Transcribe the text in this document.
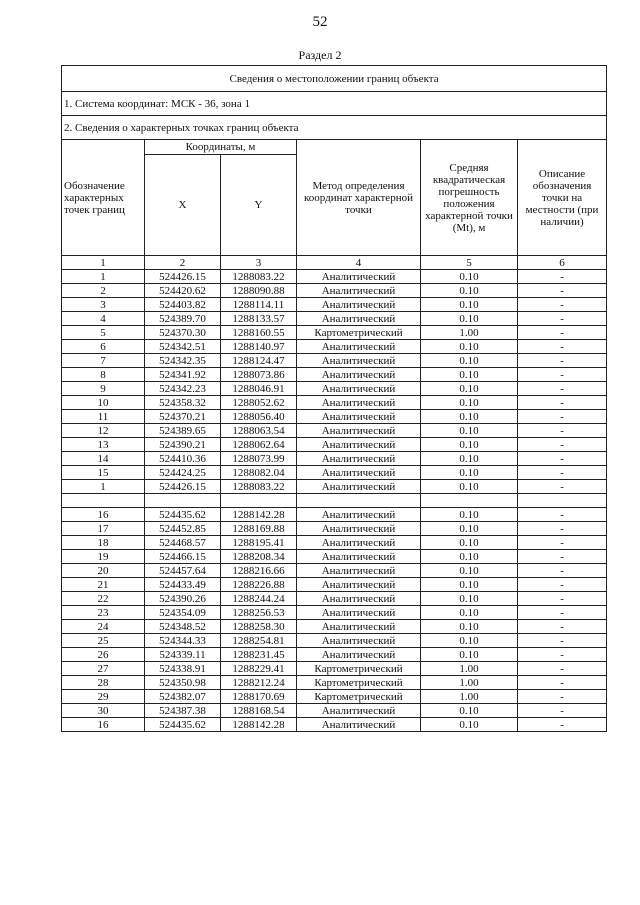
52
Раздел 2
Сведения о местоположении границ объекта					
1. Система координат: МСК - 36, зона 1					
2. Сведения о характерных точках границ объекта					
Обозначение характерных точек границ	Координаты, м		Метод определения координат характерной точки	Средняя квадратическая погрешность положения характерной точки (Mt), м	Описание обозначения точки на местности (при наличии)
	X	Y			
1	2	3	4	5	6
1	524426.15	1288083.22	Аналитический	0.10	-
2	524420.62	1288090.88	Аналитический	0.10	-
3	524403.82	1288114.11	Аналитический	0.10	-
4	524389.70	1288133.57	Аналитический	0.10	-
5	524370.30	1288160.55	Картометрический	1.00	-
6	524342.51	1288140.97	Аналитический	0.10	-
7	524342.35	1288124.47	Аналитический	0.10	-
8	524341.92	1288073.86	Аналитический	0.10	-
9	524342.23	1288046.91	Аналитический	0.10	-
10	524358.32	1288052.62	Аналитический	0.10	-
11	524370.21	1288056.40	Аналитический	0.10	-
12	524389.65	1288063.54	Аналитический	0.10	-
13	524390.21	1288062.64	Аналитический	0.10	-
14	524410.36	1288073.99	Аналитический	0.10	-
15	524424.25	1288082.04	Аналитический	0.10	-
1	524426.15	1288083.22	Аналитический	0.10	-

16	524435.62	1288142.28	Аналитический	0.10	-
17	524452.85	1288169.88	Аналитический	0.10	-
18	524468.57	1288195.41	Аналитический	0.10	-
19	524466.15	1288208.34	Аналитический	0.10	-
20	524457.64	1288216.66	Аналитический	0.10	-
21	524433.49	1288226.88	Аналитический	0.10	-
22	524390.26	1288244.24	Аналитический	0.10	-
23	524354.09	1288256.53	Аналитический	0.10	-
24	524348.52	1288258.30	Аналитический	0.10	-
25	524344.33	1288254.81	Аналитический	0.10	-
26	524339.11	1288231.45	Аналитический	0.10	-
27	524338.91	1288229.41	Картометрический	1.00	-
28	524350.98	1288212.24	Картометрический	1.00	-
29	524382.07	1288170.69	Картометрический	1.00	-
30	524387.38	1288168.54	Аналитический	0.10	-
16	524435.62	1288142.28	Аналитический	0.10	-
